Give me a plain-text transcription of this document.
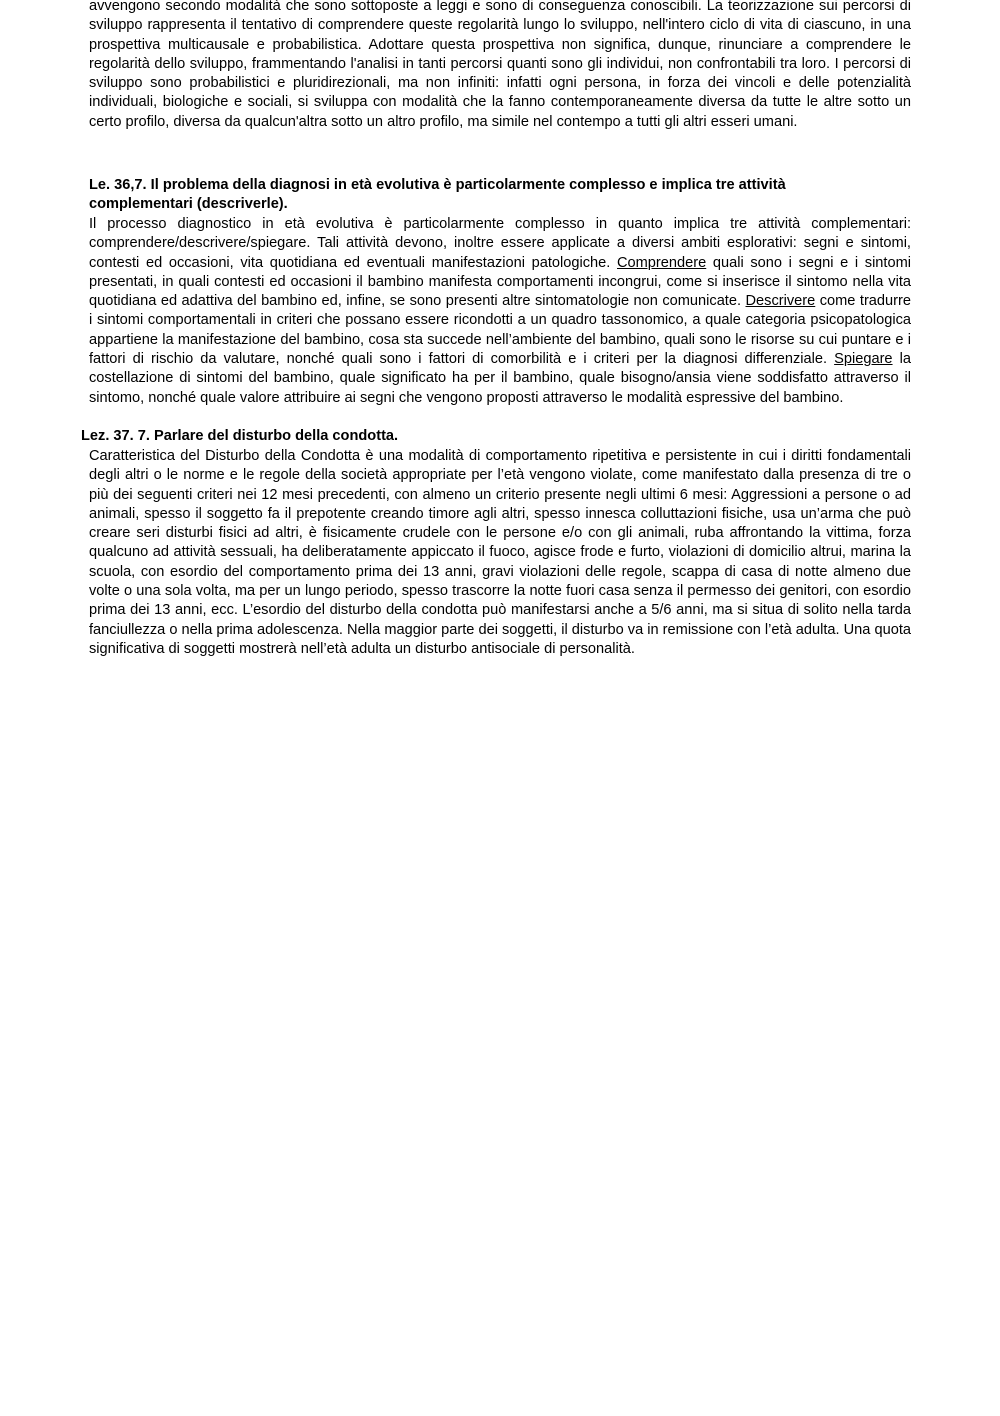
avvengono secondo modalità che sono sottoposte a leggi e sono di conseguenza conoscibili. La teorizzazione sui percorsi di sviluppo rappresenta il tentativo di comprendere queste regolarità lungo lo sviluppo, nell'intero ciclo di vita di ciascuno, in una prospettiva multicausale e probabilistica. Adottare questa prospettiva non significa, dunque, rinunciare a comprendere le regolarità dello sviluppo, frammentando l'analisi in tanti percorsi quanti sono gli individui, non confrontabili tra loro. I percorsi di sviluppo sono probabilistici e pluridirezionali, ma non infiniti: infatti ogni persona, in forza dei vincoli e delle potenzialità individuali, biologiche e sociali, si sviluppa con modalità che la fanno contemporaneamente diversa da tutte le altre sotto un certo profilo, diversa da qualcun'altra sotto un altro profilo, ma simile nel contempo a tutti gli altri esseri umani.

Le. 36,7. Il problema della diagnosi in età evolutiva è particolarmente complesso e implica tre attività complementari (descriverle).

Il processo diagnostico in età evolutiva è particolarmente complesso in quanto implica tre attività complementari: comprendere/descrivere/spiegare. Tali attività devono, inoltre essere applicate a diversi ambiti esplorativi: segni e sintomi, contesti ed occasioni, vita quotidiana ed eventuali manifestazioni patologiche. Comprendere quali sono i segni e i sintomi presentati, in quali contesti ed occasioni il bambino manifesta comportamenti incongrui, come si inserisce il sintomo nella vita quotidiana ed adattiva del bambino ed, infine, se sono presenti altre sintomatologie non comunicate. Descrivere come tradurre i sintomi comportamentali in criteri che possano essere ricondotti a un quadro tassonomico, a quale categoria psicopatologica appartiene la manifestazione del bambino, cosa sta succede nell’ambiente del bambino, quali sono le risorse su cui puntare e i fattori di rischio da valutare, nonché quali sono i fattori di comorbilità e i criteri per la diagnosi differenziale. Spiegare la costellazione di sintomi del bambino, quale significato ha per il bambino, quale bisogno/ansia viene soddisfatto attraverso il sintomo, nonché quale valore attribuire ai segni che vengono proposti attraverso le modalità espressive del bambino.

Lez. 37. 7. Parlare del disturbo della condotta.

Caratteristica del Disturbo della Condotta è una modalità di comportamento ripetitiva e persistente in cui i diritti fondamentali degli altri o le norme e le regole della società appropriate per l’età vengono violate, come manifestato dalla presenza di tre o più dei seguenti criteri nei 12 mesi precedenti, con almeno un criterio presente negli ultimi 6 mesi: Aggressioni a persone o ad animali, spesso il soggetto fa il prepotente creando timore agli altri, spesso innesca colluttazioni fisiche, usa un’arma che può creare seri disturbi fisici ad altri, è fisicamente crudele con le persone e/o con gli animali, ruba affrontando la vittima, forza qualcuno ad attività sessuali, ha deliberatamente appiccato il fuoco, agisce frode e furto, violazioni di domicilio altrui, marina la scuola, con esordio del comportamento prima dei 13 anni, gravi violazioni delle regole, scappa di casa di notte almeno due volte o una sola volta, ma per un lungo periodo, spesso trascorre la notte fuori casa senza il permesso dei genitori, con esordio prima dei 13 anni, ecc. L’esordio del disturbo della condotta può manifestarsi anche a 5/6 anni, ma si situa di solito nella tarda fanciullezza o nella prima adolescenza. Nella maggior parte dei soggetti, il disturbo va in remissione con l’età adulta. Una quota significativa di soggetti mostrerà nell’età adulta un disturbo antisociale di personalità.
